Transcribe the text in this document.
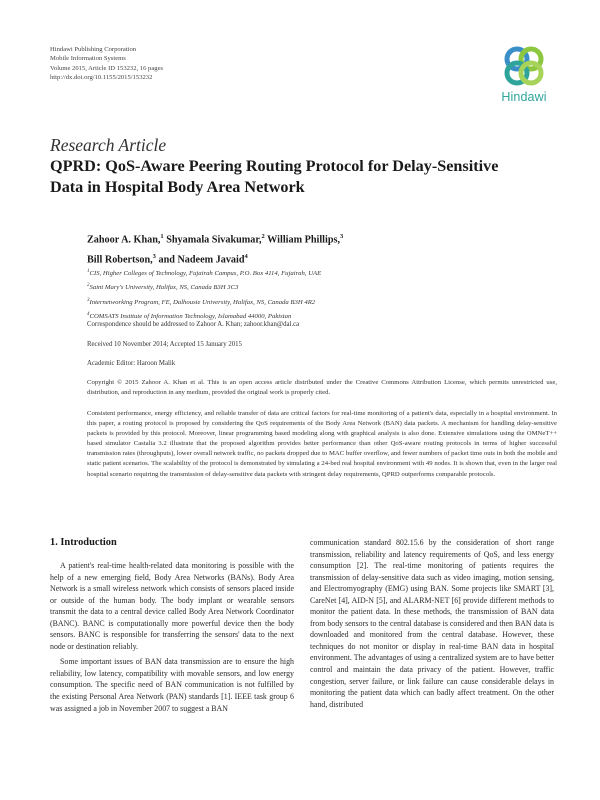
Hindawi Publishing Corporation
Mobile Information Systems
Volume 2015, Article ID 153232, 16 pages
http://dx.doi.org/10.1155/2015/153232
Hindawi
Research Article
QPRD: QoS-Aware Peering Routing Protocol for Delay-Sensitive
Data in Hospital Body Area Network
Zahoor A. Khan,$^1$ Shyamala Sivakumar,$^2$ William Phillips,$^3$
Bill Robertson,$^3$ and Nadeem Javaid$^4$
$^1$CIS, Higher Colleges of Technology, Fujairah Campus, P.O. Box 4114, Fujairah, UAE
$^2$Saint Mary's University, Halifax, NS, Canada B3H 3C3
$^3$Internetworking Program, FE, Dalhousie University, Halifax, NS, Canada B3H 4R2
$^4$COMSATS Institute of Information Technology, Islamabad 44000, Pakistan
Correspondence should be addressed to Zahoor A. Khan; zahoor.khan@dal.ca
Received 10 November 2014; Accepted 15 January 2015
Academic Editor: Haroon Malik
Copyright © 2015 Zahoor A. Khan et al. This is an open access article distributed under the Creative Commons Attribution License, which permits unrestricted use, distribution, and reproduction in any medium, provided the original work is properly cited.
Consistent performance, energy efficiency, and reliable transfer of data are critical factors for real-time monitoring of a patient's data, especially in a hospital environment. In this paper, a routing protocol is proposed by considering the QoS requirements of the Body Area Network (BAN) data packets. A mechanism for handling delay-sensitive packets is provided by this protocol. Moreover, linear programming based modeling along with graphical analysis is also done. Extensive simulations using the OMNeT++ based simulator Castalia 3.2 illustrate that the proposed algorithm provides better performance than other QoS-aware routing protocols in terms of higher successful transmission rates (throughputs), lower overall network traffic, no packets dropped due to MAC buffer overflow, and fewer numbers of packet time outs in both the mobile and static patient scenarios. The scalability of the protocol is demonstrated by simulating a 24-bed real hospital environment with 49 nodes. It is shown that, even in the larger real hospital scenario requiring the transmission of delay-sensitive data packets with stringent delay requirements, QPRD outperforms comparable protocols.
1. Introduction

A patient's real-time health-related data monitoring is possible with the help of a new emerging field, Body Area Networks (BANs). Body Area Network is a small wireless network which consists of sensors placed inside or outside of the human body. The body implant or wearable sensors transmit the data to a central device called Body Area Network Coordinator (BANC). BANC is computationally more powerful device then the body sensors. BANC is responsible for transferring the sensors' data to the next node or destination reliably.

Some important issues of BAN data transmission are to ensure the high reliability, low latency, compatibility with movable sensors, and low energy consumption. The specific need of BAN communication is not fulfilled by the existing Personal Area Network (PAN) standards [1]. IEEE task group 6 was assigned a job in November 2007 to suggest a BAN

communication standard 802.15.6 by the consideration of short range transmission, reliability and latency requirements of QoS, and less energy consumption [2]. The real-time monitoring of patients requires the transmission of delay-sensitive data such as video imaging, motion sensing, and Electromyography (EMG) using BAN. Some projects like SMART [3], CareNet [4], AID-N [5], and ALARM-NET [6] provide different methods to monitor the patient data. In these methods, the transmission of BAN data from body sensors to the central database is considered and then BAN data is downloaded and monitored from the central database. However, these techniques do not monitor or display in real-time BAN data in hospital environment. The advantages of using a centralized system are to have better control and maintain the data privacy of the patient. However, traffic congestion, server failure, or link failure can cause considerable delays in monitoring the patient data which can badly affect treatment. On the other hand, distributed
